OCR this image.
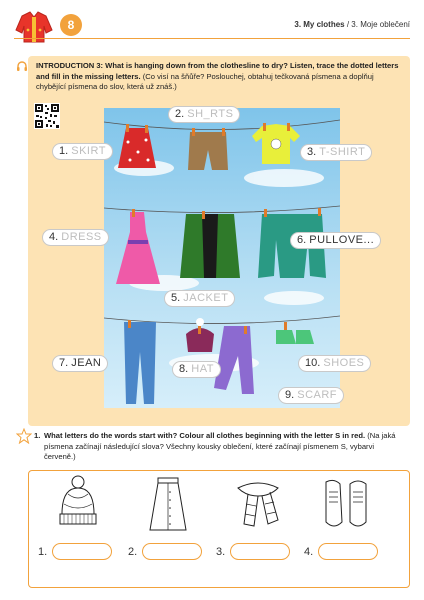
8	3. My clothes / 3. Moje oblečení
INTRODUCTION 3: What is hanging down from the clothesline to dry? Listen, trace the dotted letters and fill in the missing letters. (Co visí na šňůře? Poslouchej, obtahuj tečkovaná písmena a doplňuj chybějící písmena do slov, která už znáš.)
1. SKIRT
2. SH_RTS
3. T-SHIRT
4. DRESS
5. JACKET
6. PULLOVE...
7. JEAN	8. HAT
9. SCARF
10. SHOES
1. What letters do the words start with? Colour all clothes beginning with the letter S in red. (Na jaká písmena začínají následující slova? Všechny kousky oblečení, které začínají písmenem S, vybarvi červeně.)
1.	2.	3.	4.
